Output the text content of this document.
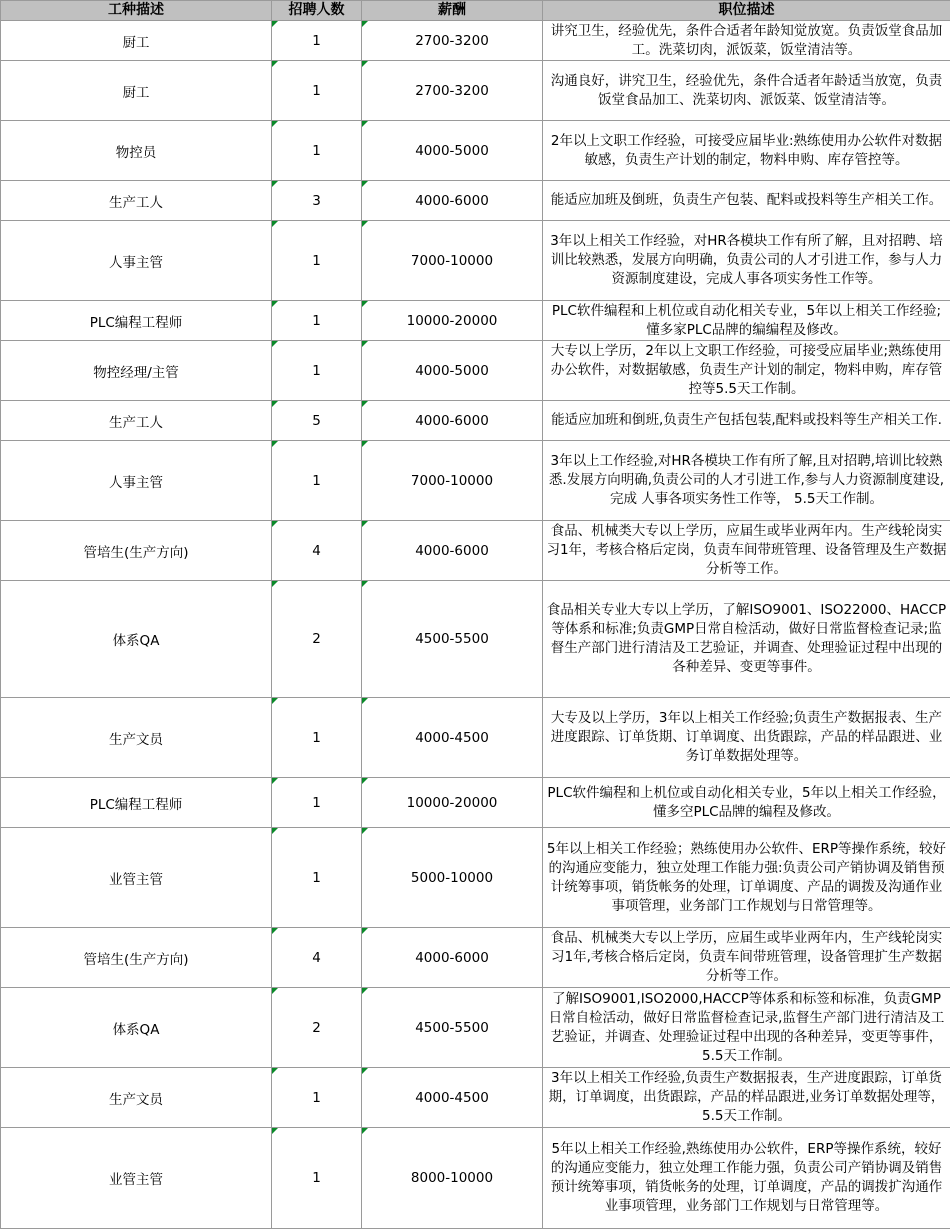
工种描述	招聘人数	薪酬	职位描述
厨工	1	2700-3200	讲究卫生，经验优先，条件合适者年龄知觉放宽。负责饭堂食品加工。洗菜切肉，派饭菜，饭堂清洁等。
厨工	1	2700-3200	沟通良好，讲究卫生，经验优先，条件合适者年龄适当放宽，负责饭堂食品加工、洗菜切肉、派饭菜、饭堂清洁等。
物控员	1	4000-5000	2年以上文职工作经验，可接受应届毕业:熟练使用办公软件对数据敏感，负责生产计划的制定，物料申购、库存管控等。
生产工人	3	4000-6000	能适应加班及倒班，负责生产包装、配料或投料等生产相关工作。
人事主管	1	7000-10000	3年以上相关工作经验，对HR各模块工作有所了解，且对招聘、培训比较熟悉，发展方向明确，负责公司的人才引进工作，参与人力资源制度建设，完成人事各项实务性工作等。
PLC编程工程师	1	10000-20000	PLC软件编程和上机位或自动化相关专业，5年以上相关工作经验;懂多家PLC品牌的编编程及修改。
物控经理/主管	1	4000-5000	大专以上学历，2年以上文职工作经验，可接受应届毕业;熟练使用办公软件，对数据敏感，负责生产计划的制定，物料申购，库存管控等5.5天工作制。
生产工人	5	4000-6000	能适应加班和倒班,负责生产包括包装,配料或投料等生产相关工作.
人事主管	1	7000-10000	3年以上工作经验,对HR各模块工作有所了解,且对招聘,培训比较熟悉.发展方向明确,负责公司的人才引进工作,参与人力资源制度建设,完成 人事各项实务性工作等， 5.5天工作制。
管培生(生产方向)	4	4000-6000	食品、机械类大专以上学历，应届生或毕业两年内。生产线轮岗实习1年，考核合格后定岗，负责车间带班管理、设备管理及生产数据分析等工作。
体系QA	2	4500-5500	食品相关专业大专以上学历，了解ISO9001、ISO22000、HACCP等体系和标准;负责GMP日常自检活动，做好日常监督检查记录;监督生产部门进行清洁及工艺验证，并调查、处理验证过程中出现的各种差异、变更等事件。
生产文员	1	4000-4500	大专及以上学历，3年以上相关工作经验;负责生产数据报表、生产进度跟踪、订单货期、订单调度、出货跟踪，产品的样品跟进、业务订单数据处理等。
PLC编程工程师	1	10000-20000	PLC软件编程和上机位或自动化相关专业，5年以上相关工作经验，懂多空PLC品牌的编程及修改。
业管主管	1	5000-10000	5年以上相关工作经验；熟练使用办公软件、ERP等操作系统，较好的沟通应变能力，独立处理工作能力强:负责公司产销协调及销售预计统筹事项，销货帐务的处理，订单调度、产品的调拨及沟通作业事项管理，业务部门工作规划与日常管理等。
管培生(生产方向)	4	4000-6000	食品、机械类大专以上学历，应届生或毕业两年内，生产线轮岗实习1年,考核合格后定岗，负责车间带班管理，设备管理扩生产数据分析等工作。
体系QA	2	4500-5500	了解ISO9001,ISO2000,HACCP等体系和标签和标准，负责GMP日常自检活动，做好日常监督检查记录,监督生产部门进行清洁及工艺验证，并调查、处理验证过程中出现的各种差异，变更等事件，5.5天工作制。
生产文员	1	4000-4500	3年以上相关工作经验,负责生产数据报表，生产进度跟踪，订单货期，订单调度，出货跟踪，产品的样品跟进,业务订单数据处理等，5.5天工作制。
业管主管	1	8000-10000	5年以上相关工作经验,熟练使用办公软件，ERP等操作系统，较好的沟通应变能力，独立处理工作能力强，负责公司产销协调及销售预计统筹事项，销货帐务的处理，订单调度，产品的调拨扩沟通作业事项管理，业务部门工作规划与日常管理等。
